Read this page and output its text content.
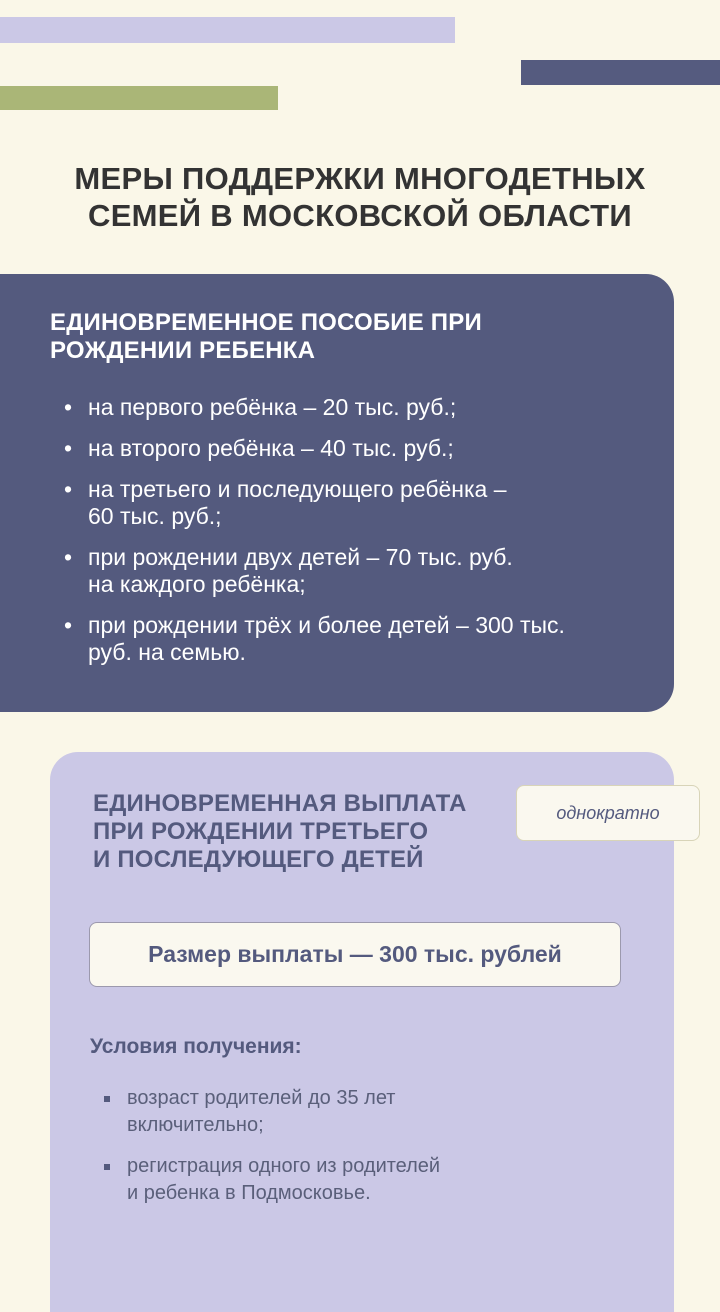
МЕРЫ ПОДДЕРЖКИ МНОГОДЕТНЫХ
СЕМЕЙ В МОСКОВСКОЙ ОБЛАСТИ
ЕДИНОВРЕМЕННОЕ ПОСОБИЕ ПРИ
РОЖДЕНИИ РЕБЕНКА
• на первого ребёнка – 20 тыс. руб.;
• на второго ребёнка – 40 тыс. руб.;
• на третьего и последующего ребёнка –
60 тыс. руб.;
• при рождении двух детей – 70 тыс. руб.
на каждого ребёнка;
• при рождении трёх и более детей – 300 тыс.
руб. на семью.
ЕДИНОВРЕМЕННАЯ ВЫПЛАТА
ПРИ РОЖДЕНИИ ТРЕТЬЕГО
И ПОСЛЕДУЮЩЕГО ДЕТЕЙ
однократно
Размер выплаты — 300 тыс. рублей
Условия получения:
возраст родителей до 35 лет
включительно;
регистрация одного из родителей
и ребенка в Подмосковье.
